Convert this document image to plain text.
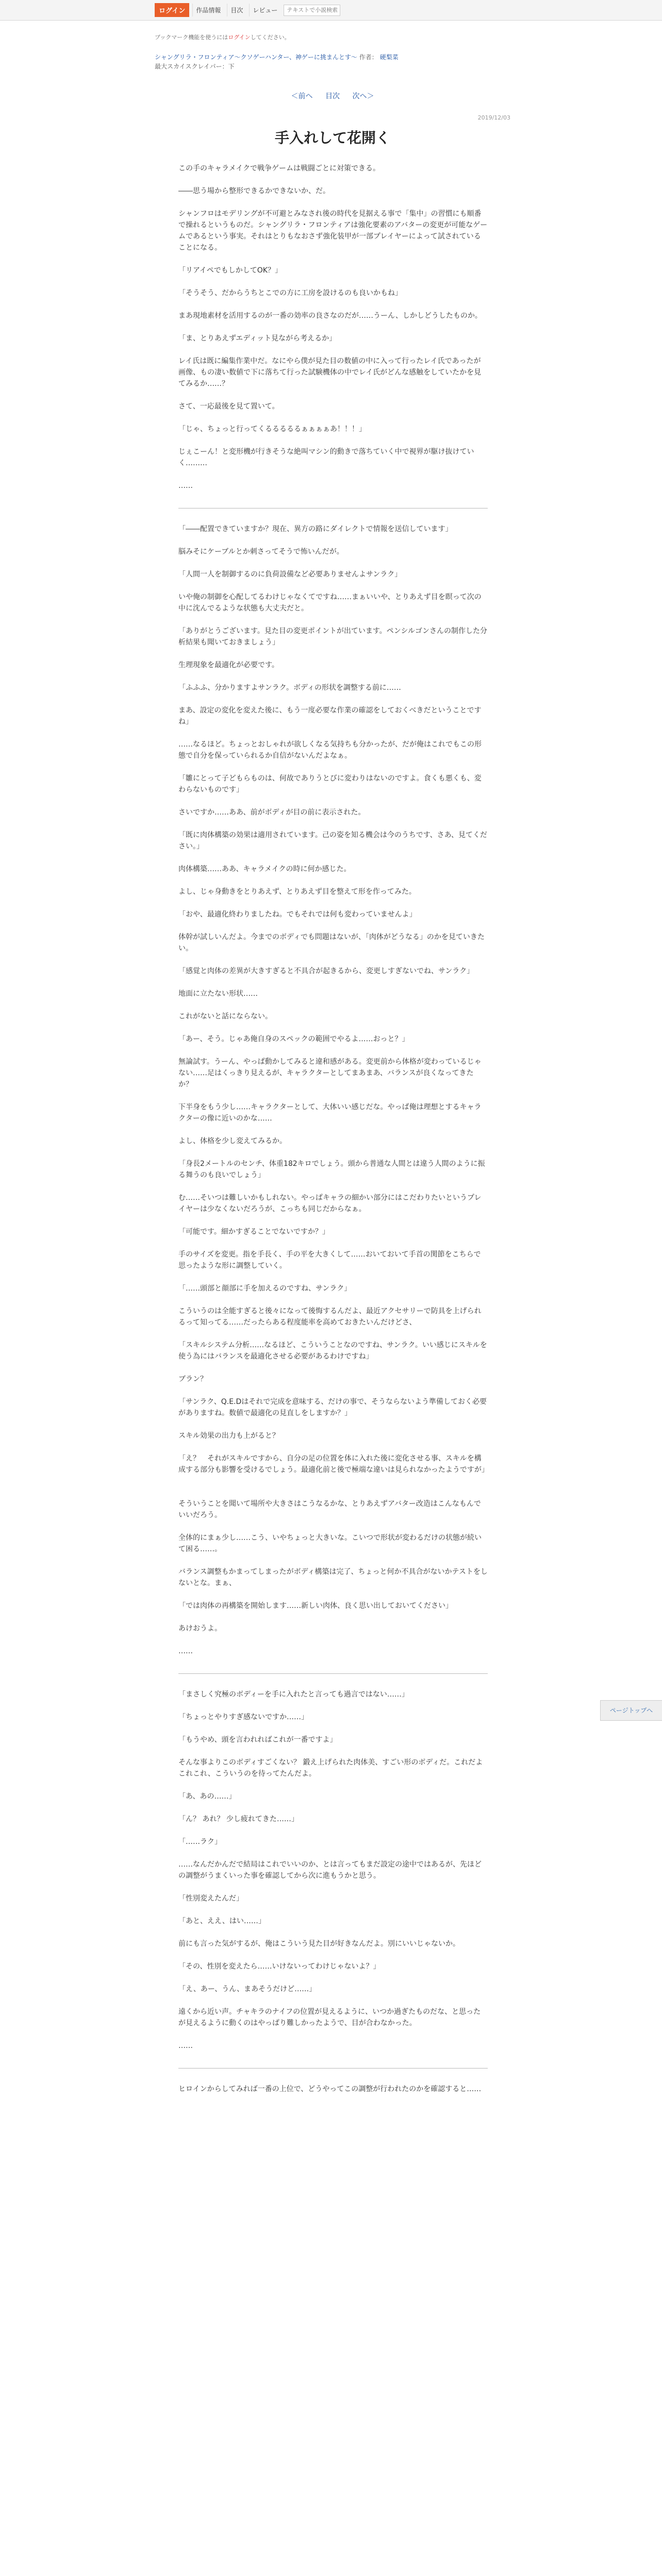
ログイン	作品情報	目次	レビュー
テキストで小説検索
ブックマーク機能を使うにはログインしてください。
シャングリラ・フロンティア〜クソゲーハンター、神ゲーに挑まんとす〜 作者： 硬梨菜
最大スカイスクレイパー：下
＜前へ 目次 次へ＞
2019/12/03
手入れして花開く

この手のキャラメイクで戦争ゲームは戦闘ごとに対策できる。

――思う場から整形できるかできないか、だ。

シャンフロはモデリングが不可避とみなされ後の時代を見据える事で「集中」の習慣にも順番で操れるというものだ。シャングリラ・フロンティアは強化要素のアバターの変更が可能なゲームであるという事実。それはとりもなおさず強化装甲が一部プレイヤーによって試されていることになる。

「リアイペでもしかしてOK？」

「そうそう、だからうちとこでの方に工房を設けるのも良いかもね」

まあ現地素材を活用するのが一番の効率の良さなのだが……うーん、しかしどうしたものか。

「ま、とりあえずエディット見ながら考えるか」

レイ氏は既に編集作業中だ。なにやら僕が見た目の数値の中に入って行ったレイ氏であったが画像、もの凄い数値で下に落ちて行った試験機体の中でレイ氏がどんな感触をしていたかを見てみるか……？

さて、一応最後を見て置いて。

「じゃ、ちょっと行ってくるるるるるぁぁぁぁあ！！！」

じぇこーん！と変形機が行きそうな絶叫マシン的動きで落ちていく中で視界が駆け抜けていく………

……

「――配置できていますか？現在、異方の路にダイレクトで情報を送信しています」

脳みそにケーブルとか刺さってそうで怖いんだが。

「人間一人を制御するのに負荷設備など必要ありませんよサンラク」

いや俺の制御を心配してるわけじゃなくてですね……まぁいいや、とりあえず目を瞑って次の中に沈んでるような状態も大丈夫だと。

「ありがとうございます。見た目の変更ポイントが出ています。ペンシルゴンさんの制作した分析結果も聞いておきましょう」

生理現象を最適化が必要です。

「ふふふ、分かりますよサンラク。ボディの形状を調整する前に……

まあ、設定の変化を変えた後に、もう一度必要な作業の確認をしておくべきだということですね」

……なるほど。ちょっとおしゃれが欲しくなる気持ちも分かったが、だが俺はこれでもこの形態で自分を保っていられるか自信がないんだよなぁ。

「雛にとって子どもらものは、何故でありうとびに変わりはないのですよ。食くも悪くも、変わらないものです」

さいですか……ああ、前がボディが目の前に表示された。

「既に肉体構築の効果は適用されています。己の姿を知る機会は今のうちです、さあ、見てください。」

肉体構築……ああ、キャラメイクの時に何か感じた。

よし、じゃ身動きをとりあえず、とりあえず目を整えて形を作ってみた。

「おや、最適化終わりましたね。でもそれでは何も変わっていませんよ」

体幹が試しいんだよ。今までのボディでも問題はないが、「肉体がどうなる」のかを見ていきたい。

「感覚と肉体の差異が大きすぎると不具合が起きるから、変更しすぎないでね、サンラク」

地面に立たない形状……

これがないと話にならない。

「あー、そう。じゃあ俺自身のスペックの範囲でやるよ……おっと？」

無論試す。うーん、やっぱ動かしてみると違和感がある。変更前から体格が変わっているじゃない……足はくっきり見えるが、キャラクターとしてまあまあ、バランスが良くなってきたか？

下半身をもう少し……キャラクターとして、大体いい感じだな。やっぱ俺は理想とするキャラクターの像に近いのかな……

よし、体格を少し変えてみるか。

「身長2メートルのセンチ、体重182キロでしょう。頭から普通な人間とは違う人間のように振る舞うのも良いでしょう」

む……そいつは難しいかもしれない。やっぱキャラの細かい部分にはこだわりたいというプレイヤーは少なくないだろうが、こっちも同じだからなぁ。

「可能です。細かすぎることでないですか？」

手のサイズを変更。指を手長く、手の平を大きくして……おいておいて手首の関節をこちらで思ったような形に調整していく。

「……頭部と顔部に手を加えるのですね、サンラク」

こういうのは全能すぎると後々になって後悔するんだよ、最近アクセサリーで防具を上げられるって知ってる……だったらある程度能率を高めておきたいんだけどさ、

「スキルシステム分析……なるほど、こういうことなのですね、サンラク。いい感じにスキルを使う為にはバランスを最適化させる必要があるわけですね」

ブラン？

「サンラク、Q.E.Dはそれで完成を意味する、だけの事で、そうならないよう準備しておく必要がありますね。数値で最適化の見直しをしますか？」

スキル効果の出力も上がると？

「え？　それがスキルですから、自分の足の位置を体に入れた後に変化させる事、スキルを構成する部分も影響を受けるでしょう。最適化前と後で極端な違いは見られなかったようですが」

そういうことを聞いて場所や大きさはこうなるかな、とりあえずアバター改造はこんなもんでいいだろう。

全体的にまぁ少し……こう、いやちょっと大きいな。こいつで形状が変わるだけの状態が続いて困る……。

バランス調整もかまってしまったがボディ構築は完了、ちょっと何か不具合がないかテストをしないとな。まぁ、

「では肉体の再構築を開始します……新しい肉体、良く思い出しておいてください」

あけおうよ。

……

「まさしく究極のボディーを手に入れたと言っても過言ではない……」

「ちょっとやりすぎ感ないですか……」

「もうやめ、頭を言われればこれが一番ですよ」

そんな事よりこのボディすごくない？ 鍛え上げられた肉体美、すごい形のボディだ。これだよこれこれ、こういうのを待ってたんだよ。

「あ、あの……」

「ん？ あれ？ 少し疲れてきた……」

「……ラク」

……なんだかんだで結局はこれでいいのか、とは言ってもまだ設定の途中ではあるが、先ほどの調整がうまくいった事を確認してから次に進もうかと思う。

「性別変えたんだ」

「あと、ええ、はい……」

前にも言った気がするが、俺はこういう見た目が好きなんだよ。別にいいじゃないか。

「その、性別を変えたら……いけないってわけじゃないよ？」

「え、あー、うん、まあそうだけど……」

遠くから近い声。チャキラのナイフの位置が見えるように、いつか過ぎたものだな、と思ったが見えるように動くのはやっぱり難しかったようで、目が合わなかった。

……

ヒロインからしてみれば一番の上位で、どうやってこの調整が行われたのかを確認すると……

ページトップへ
